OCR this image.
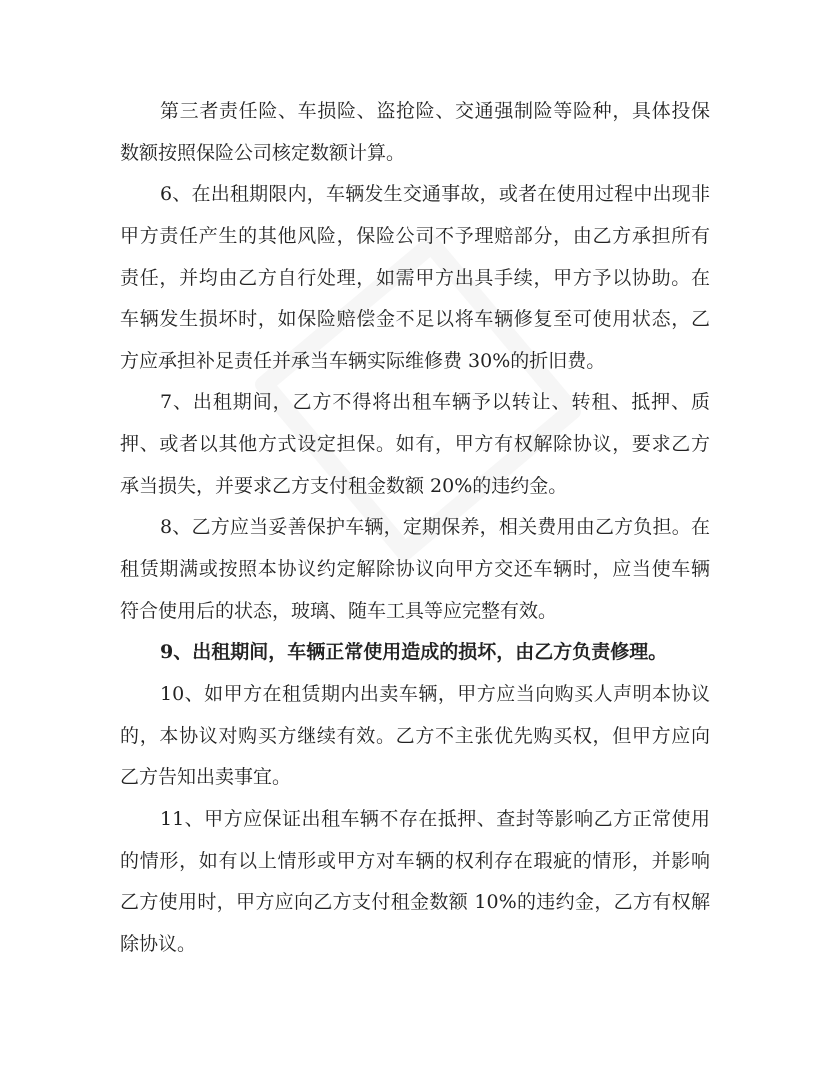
第三者责任险、车损险、盗抢险、交通强制险等险种，具体投保
数额按照保险公司核定数额计算。
6、在出租期限内，车辆发生交通事故，或者在使用过程中出现非
甲方责任产生的其他风险，保险公司不予理赔部分，由乙方承担所有
责任，并均由乙方自行处理，如需甲方出具手续，甲方予以协助。在
车辆发生损坏时，如保险赔偿金不足以将车辆修复至可使用状态，乙
方应承担补足责任并承当车辆实际维修费 30%的折旧费。
7、出租期间，乙方不得将出租车辆予以转让、转租、抵押、质
押、或者以其他方式设定担保。如有，甲方有权解除协议，要求乙方
承当损失，并要求乙方支付租金数额 20%的违约金。
8、乙方应当妥善保护车辆，定期保养，相关费用由乙方负担。在
租赁期满或按照本协议约定解除协议向甲方交还车辆时，应当使车辆
符合使用后的状态，玻璃、随车工具等应完整有效。
9、出租期间，车辆正常使用造成的损坏，由乙方负责修理。
10、如甲方在租赁期内出卖车辆，甲方应当向购买人声明本协议
的，本协议对购买方继续有效。乙方不主张优先购买权，但甲方应向
乙方告知出卖事宜。
11、甲方应保证出租车辆不存在抵押、查封等影响乙方正常使用
的情形，如有以上情形或甲方对车辆的权利存在瑕疵的情形，并影响
乙方使用时，甲方应向乙方支付租金数额 10%的违约金，乙方有权解
除协议。
